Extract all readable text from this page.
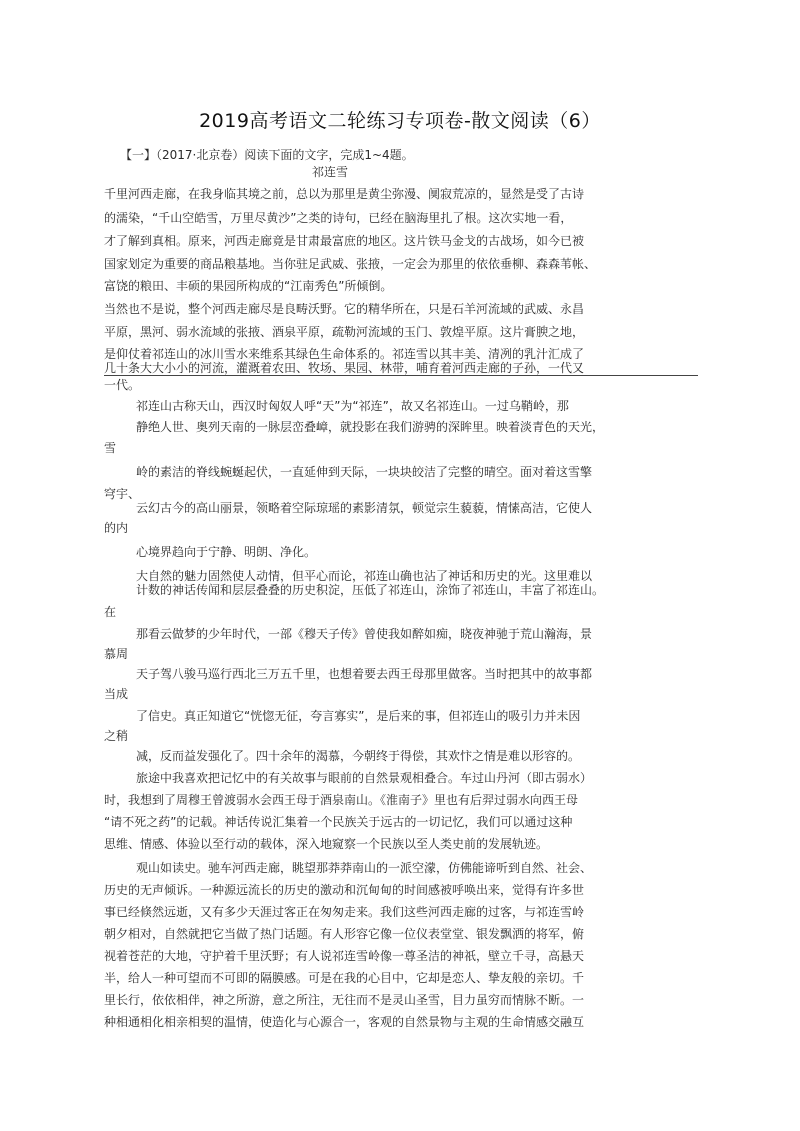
2019高考语文二轮练习专项卷-散文阅读（6）
【一】（2017·北京卷）阅读下面的文字，完成1~4题。
祁连雪
千里河西走廊，在我身临其境之前，总以为那里是黄尘弥漫、阒寂荒凉的，显然是受了古诗
的濡染，“千山空皓雪，万里尽黄沙”之类的诗句，已经在脑海里扎了根。这次实地一看，
才了解到真相。原来，河西走廊竟是甘肃最富庶的地区。这片铁马金戈的古战场，如今已被
国家划定为重要的商品粮基地。当你驻足武威、张掖，一定会为那里的依依垂柳、森森苇帐、
富饶的粮田、丰硕的果园所构成的“江南秀色”所倾倒。
当然也不是说，整个河西走廊尽是良畴沃野。它的精华所在，只是石羊河流域的武威、永昌
平原，黑河、弱水流域的张掖、酒泉平原，疏勒河流域的玉门、敦煌平原。这片膏腴之地，
是仰仗着祁连山的冰川雪水来维系其绿色生命体系的。祁连雪以其丰美、清冽的乳汁汇成了
几十条大大小小的河流，灌溉着农田、牧场、果园、林带，哺育着河西走廊的子孙，一代又
一代。
祁连山古称天山，西汉时匈奴人呼“天”为“祁连”，故又名祁连山。一过乌鞘岭，那
静绝人世、奥列天南的一脉层峦叠嶂，就投影在我们游骋的深眸里。映着淡青色的天光，
雪
岭的素洁的脊线蜿蜒起伏，一直延伸到天际，一块块皎洁了完整的晴空。面对着这雪擎
穹宇、
云幻古今的高山丽景，领略着空际琼瑶的素影清氛，顿觉宗生藐藐，情愫高洁，它使人
的内
心境界趋向于宁静、明朗、净化。
大自然的魅力固然使人动情，但平心而论，祁连山确也沾了神话和历史的光。这里难以
计数的神话传闻和层层叠叠的历史积淀，压低了祁连山，涂饰了祁连山，丰富了祁连山。
在
那看云做梦的少年时代，一部《穆天子传》曾使我如醉如痴，晓夜神驰于荒山瀚海，景
慕周
天子驾八骏马巡行西北三万五千里，也想着要去西王母那里做客。当时把其中的故事都
当成
了信史。真正知道它“恍惚无征，夸言寡实”，是后来的事，但祁连山的吸引力并未因
之稍
减，反而益发强化了。四十余年的渴慕，今朝终于得偿，其欢忭之情是难以形容的。
旅途中我喜欢把记忆中的有关故事与眼前的自然景观相叠合。车过山丹河（即古弱水）
时，我想到了周穆王曾渡弱水会西王母于酒泉南山。《淮南子》里也有后羿过弱水向西王母
“请不死之药”的记载。神话传说汇集着一个民族关于远古的一切记忆，我们可以通过这种
思维、情感、体验以至行动的载体，深入地窥察一个民族以至人类史前的发展轨迹。
观山如读史。驰车河西走廊，眺望那莽莽南山的一派空濛，仿佛能谛听到自然、社会、
历史的无声倾诉。一种源远流长的历史的激动和沉甸甸的时间感被呼唤出来，觉得有许多世
事已经倏然远逝，又有多少天涯过客正在匆匆走来。我们这些河西走廊的过客，与祁连雪岭
朝夕相对，自然就把它当做了热门话题。有人形容它像一位仪表堂堂、银发飘洒的将军，俯
视着苍茫的大地，守护着千里沃野；有人说祁连雪岭像一尊圣洁的神祇，壁立千寻，高悬天
半，给人一种可望而不可即的隔膜感。可是在我的心目中，它却是恋人、挚友般的亲切。千
里长行，依依相伴，神之所游，意之所注，无往而不是灵山圣雪，目力虽穷而情脉不断。一
种相通相化相亲相契的温情，使造化与心源合一，客观的自然景物与主观的生命情感交融互
